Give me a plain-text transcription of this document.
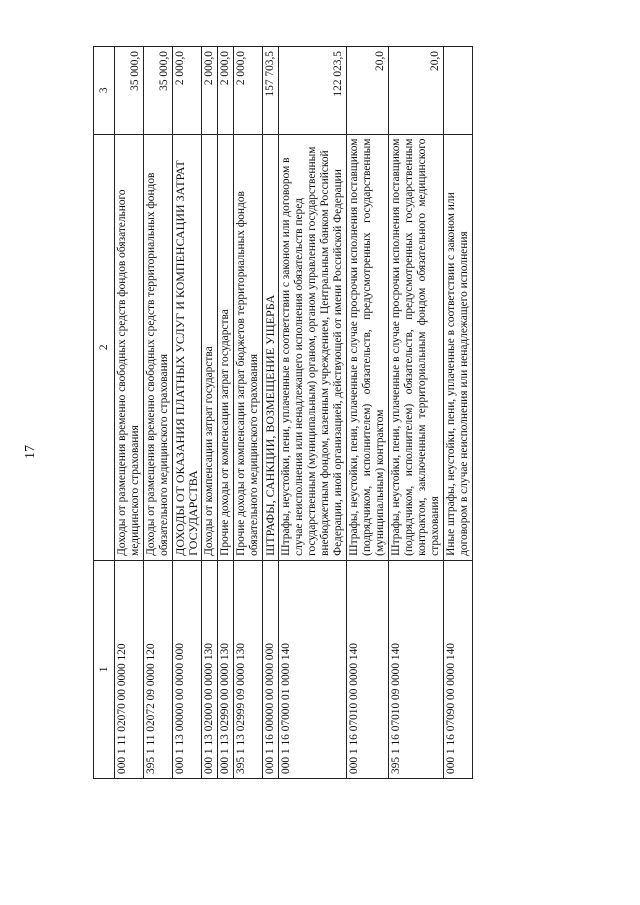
17
1	2	3
000 1 11 02070 00 0000 120	Доходы от размещения временно свободных средств фондов обязательного медицинского страхования	35 000,0
395 1 11 02072 09 0000 120	Доходы от размещения временно свободных средств территориальных фондов обязательного медицинского страхования	35 000,0
000 1 13 00000 00 0000 000	ДОХОДЫ ОТ ОКАЗАНИЯ ПЛАТНЫХ УСЛУГ И КОМПЕНСАЦИИ ЗАТРАТ ГОСУДАРСТВА	2 000,0
000 1 13 02000 00 0000 130	Доходы от компенсации затрат государства	2 000,0
000 1 13 02990 00 0000 130	Прочие доходы от компенсации затрат государства	2 000,0
395 1 13 02999 09 0000 130	Прочие доходы от компенсации затрат бюджетов территориальных фондов обязательного медицинского страхования	2 000,0
000 1 16 00000 00 0000 000	ШТРАФЫ, САНКЦИИ, ВОЗМЕЩЕНИЕ УЩЕРБА	157 703,5
000 1 16 07000 01 0000 140	Штрафы, неустойки, пени, уплаченные в соответствии с законом или договором в случае неисполнения или ненадлежащего исполнения обязательств перед государственным (муниципальным) органом, органом управления государственным внебюджетным фондом, казенным учреждением, Центральным банком Российской Федерации, иной организацией, действующей от имени Российской Федерации	122 023,5
000 1 16 07010 00 0000 140	Штрафы, неустойки, пени, уплаченные в случае просрочки исполнения поставщиком (подрядчиком, исполнителем) обязательств, предусмотренных государственным (муниципальным) контрактом	20,0
395 1 16 07010 09 0000 140	Штрафы, неустойки, пени, уплаченные в случае просрочки исполнения поставщиком (подрядчиком, исполнителем) обязательств, предусмотренных государственным контрактом, заключенным территориальным фондом обязательного медицинского страхования	20,0
000 1 16 07090 00 0000 140	Иные штрафы, неустойки, пени, уплаченные в соответствии с законом или договором в случае неисполнения или ненадлежащего исполнения	
